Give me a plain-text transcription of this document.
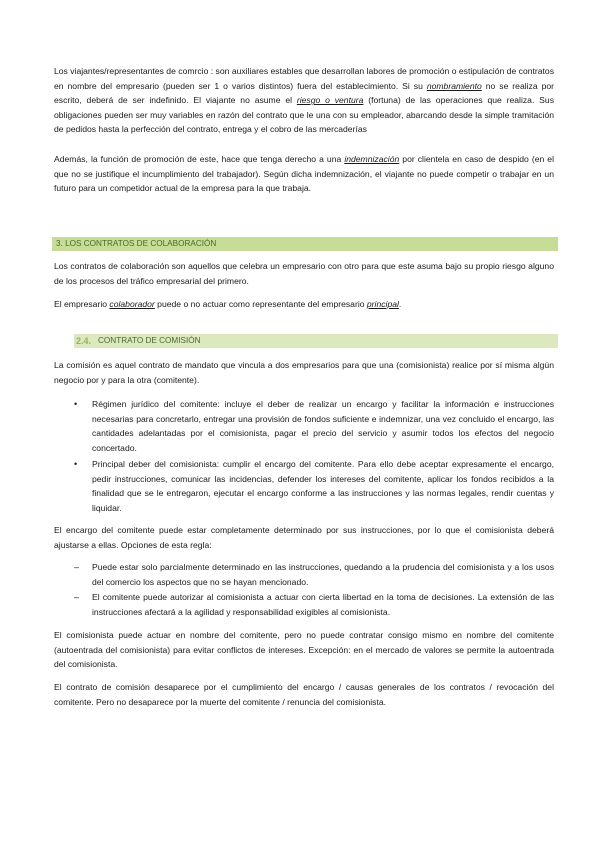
Los viajantes/representantes de comrcio : son auxiliares estables que desarrollan labores de promoción o estipulación de contratos en nombre del empresario (pueden ser 1 o varios distintos) fuera del establecimiento. Si su nombramiento no se realiza por escrito, deberá de ser indefinido. El viajante no asume el riesgo o ventura (fortuna) de las operaciones que realiza. Sus obligaciones pueden ser muy variables en razón del contrato que le una con su empleador, abarcando desde la simple tramitación de pedidos hasta la perfección del contrato, entrega y el cobro de las mercaderías

Además, la función de promoción de este, hace que tenga derecho a una indemnización por clientela en caso de despido (en el que no se justifique el incumplimiento del trabajador). Según dicha indemnización, el viajante no puede competir o trabajar en un futuro para un competidor actual de la empresa para la que trabaja.

3. LOS CONTRATOS DE COLABORACIÓN

Los contratos de colaboración son aquellos que celebra un empresario con otro para que este asuma bajo su propio riesgo alguno de los procesos del tráfico empresarial del primero.

El empresario colaborador puede o no actuar como representante del empresario principal.

2.4. CONTRATO DE COMISIÓN

La comisión es aquel contrato de mandato que vincula a dos empresarios para que una (comisionista) realice por sí misma algún negocio por y para la otra (comitente).

•	Régimen jurídico del comitente: incluye el deber de realizar un encargo y facilitar la información e instrucciones necesarias para concretarlo, entregar una provisión de fondos suficiente e indemnizar, una vez concluido el encargo, las cantidades adelantadas por el comisionista, pagar el precio del servicio y asumir todos los efectos del negocio concertado.

•	Principal deber del comisionista: cumplir el encargo del comitente. Para ello debe aceptar expresamente el encargo, pedir instrucciones, comunicar las incidencias, defender los intereses del comitente, aplicar los fondos recibidos a la finalidad que se le entregaron, ejecutar el encargo conforme a las instrucciones y las normas legales, rendir cuentas y liquidar.

El encargo del comitente puede estar completamente determinado por sus instrucciones, por lo que el comisionista deberá ajustarse a ellas. Opciones de esta regla:

–	Puede estar solo parcialmente determinado en las instrucciones, quedando a la prudencia del comisionista y a los usos del comercio los aspectos que no se hayan mencionado.

–	El comitente puede autorizar al comisionista a actuar con cierta libertad en la toma de decisiones. La extensión de las instrucciones afectará a la agilidad y responsabilidad exigibles al comisionista.

El comisionista puede actuar en nombre del comitente, pero no puede contratar consigo mismo en nombre del comitente (autoentrada del comisionista) para evitar conflictos de intereses. Excepción: en el mercado de valores se permite la autoentrada del comisionista.

El contrato de comisión desaparece por el cumplimiento del encargo / causas generales de los contratos / revocación del comitente. Pero no desaparece por la muerte del comitente / renuncia del comisionista.
